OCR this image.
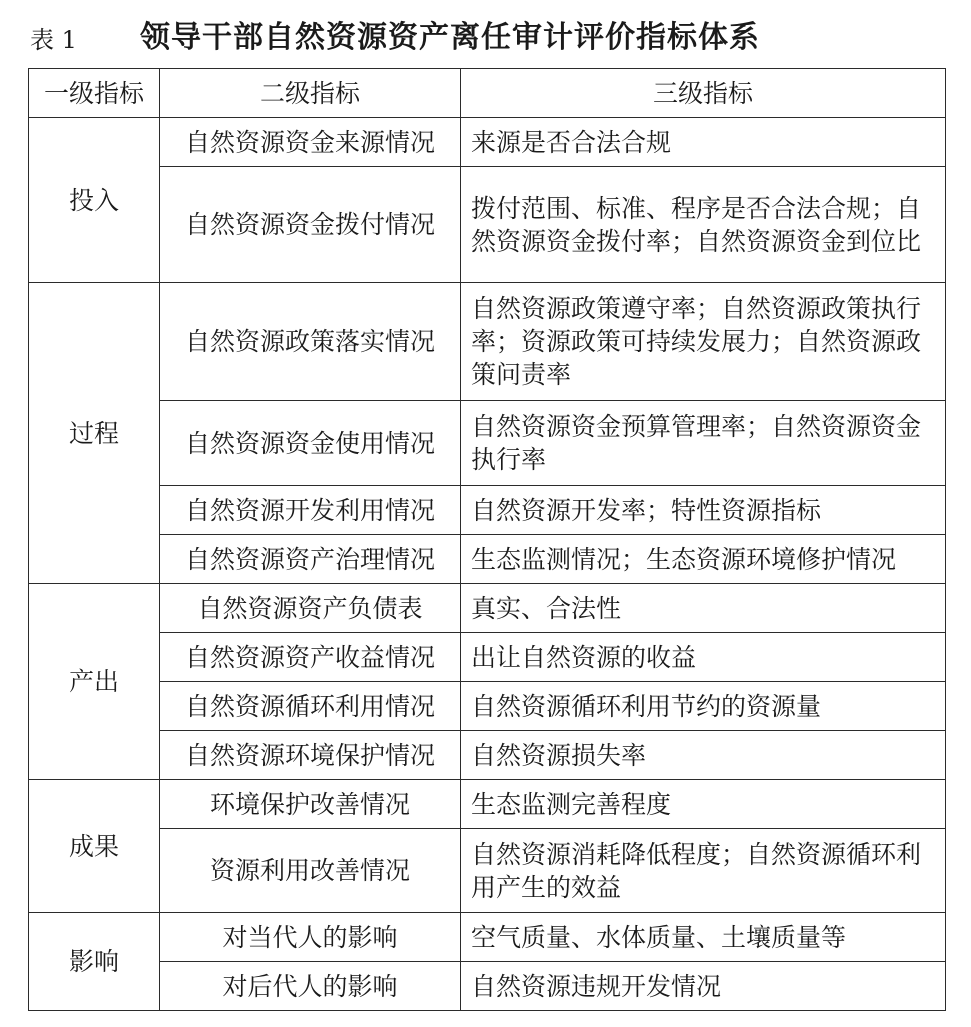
表 1 领导干部自然资源资产离任审计评价指标体系
一级指标	二级指标	三级指标
投入	自然资源资金来源情况	来源是否合法合规
	自然资源资金拨付情况	拨付范围、标准、程序是否合法合规；自然资源资金拨付率；自然资源资金到位比
过程	自然资源政策落实情况	自然资源政策遵守率；自然资源政策执行率；资源政策可持续发展力；自然资源政策问责率
	自然资源资金使用情况	自然资源资金预算管理率；自然资源资金执行率
	自然资源开发利用情况	自然资源开发率；特性资源指标
	自然资源资产治理情况	生态监测情况；生态资源环境修护情况
产出	自然资源资产负债表	真实、合法性
	自然资源资产收益情况	出让自然资源的收益
	自然资源循环利用情况	自然资源循环利用节约的资源量
	自然资源环境保护情况	自然资源损失率
成果	环境保护改善情况	生态监测完善程度
	资源利用改善情况	自然资源消耗降低程度；自然资源循环利用产生的效益
影响	对当代人的影响	空气质量、水体质量、土壤质量等
	对后代人的影响	自然资源违规开发情况
